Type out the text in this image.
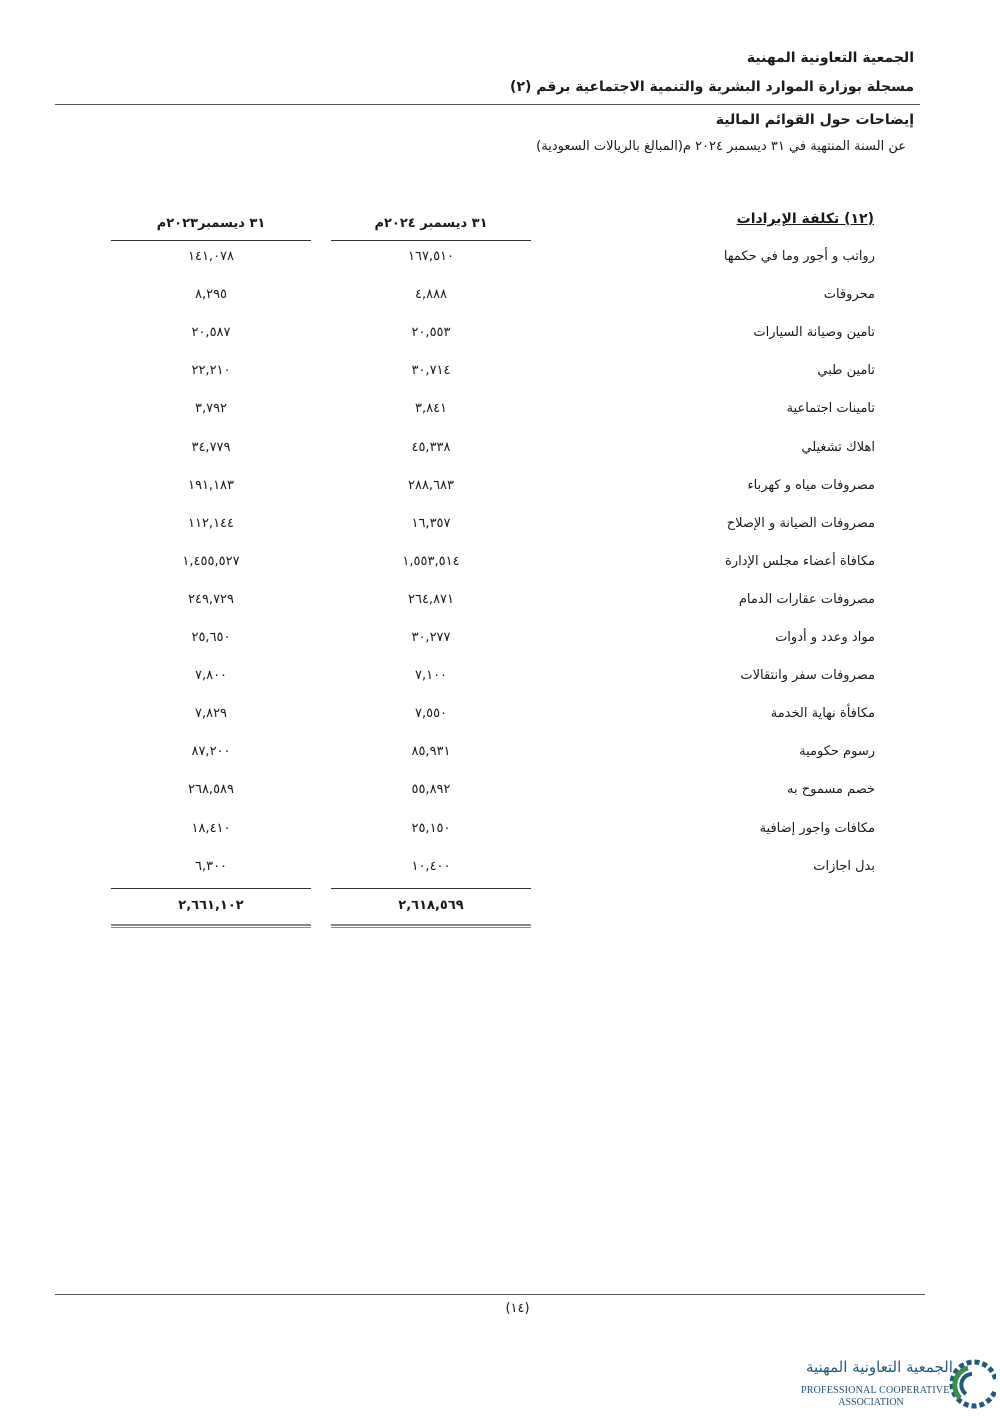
الجمعية التعاونية المهنية
مسجلة بوزارة الموارد البشرية والتنمية الاجتماعية برقم (٢)
إيضاحات حول القوائم المالية
عن السنة المنتهية في ٣١ ديسمبر ٢٠٢٤ م(المبالغ بالريالات السعودية)
(١٢) تكلفة الإيرادات
٣١ ديسمبر ٢٠٢٤م
٣١ ديسمبر٢٠٢٣م
رواتب و أجور وما في حكمها
١٦٧,٥١٠
١٤١,٠٧٨
محروقات
٤,٨٨٨
٨,٢٩٥
تامين وصيانة السيارات
٢٠,٥٥٣
٢٠,٥٨٧
تامين طبي
٣٠,٧١٤
٢٢,٢١٠
تامينات اجتماعية
٣,٨٤١
٣,٧٩٢
اهلاك تشغيلي
٤٥,٣٣٨
٣٤,٧٧٩
مصروفات مياه و كهرباء
٢٨٨,٦٨٣
١٩١,١٨٣
مصروفات الصيانة و الإصلاح
١٦,٣٥٧
١١٢,١٤٤
مكافاة أعضاء مجلس الإدارة
١,٥٥٣,٥١٤
١,٤٥٥,٥٢٧
مصروفات عقارات الدمام
٢٦٤,٨٧١
٢٤٩,٧٢٩
مواد وعدد و أدوات
٣٠,٢٧٧
٢٥,٦٥٠
مصروفات سفر وانتقالات
٧,١٠٠
٧,٨٠٠
مكافأة نهاية الخدمة
٧,٥٥٠
٧,٨٢٩
رسوم حكومية
٨٥,٩٣١
٨٧,٢٠٠
خصم مسموح به
٥٥,٨٩٢
٢٦٨,٥٨٩
مكافات واجور إضافية
٢٥,١٥٠
١٨,٤١٠
بدل اجازات
١٠,٤٠٠
٦,٣٠٠
٢,٦١٨,٥٦٩
٢,٦٦١,١٠٢
(١٤)
الجمعية التعاونية المهنية
PROFESSIONAL COOPERATIVE
ASSOCIATION
